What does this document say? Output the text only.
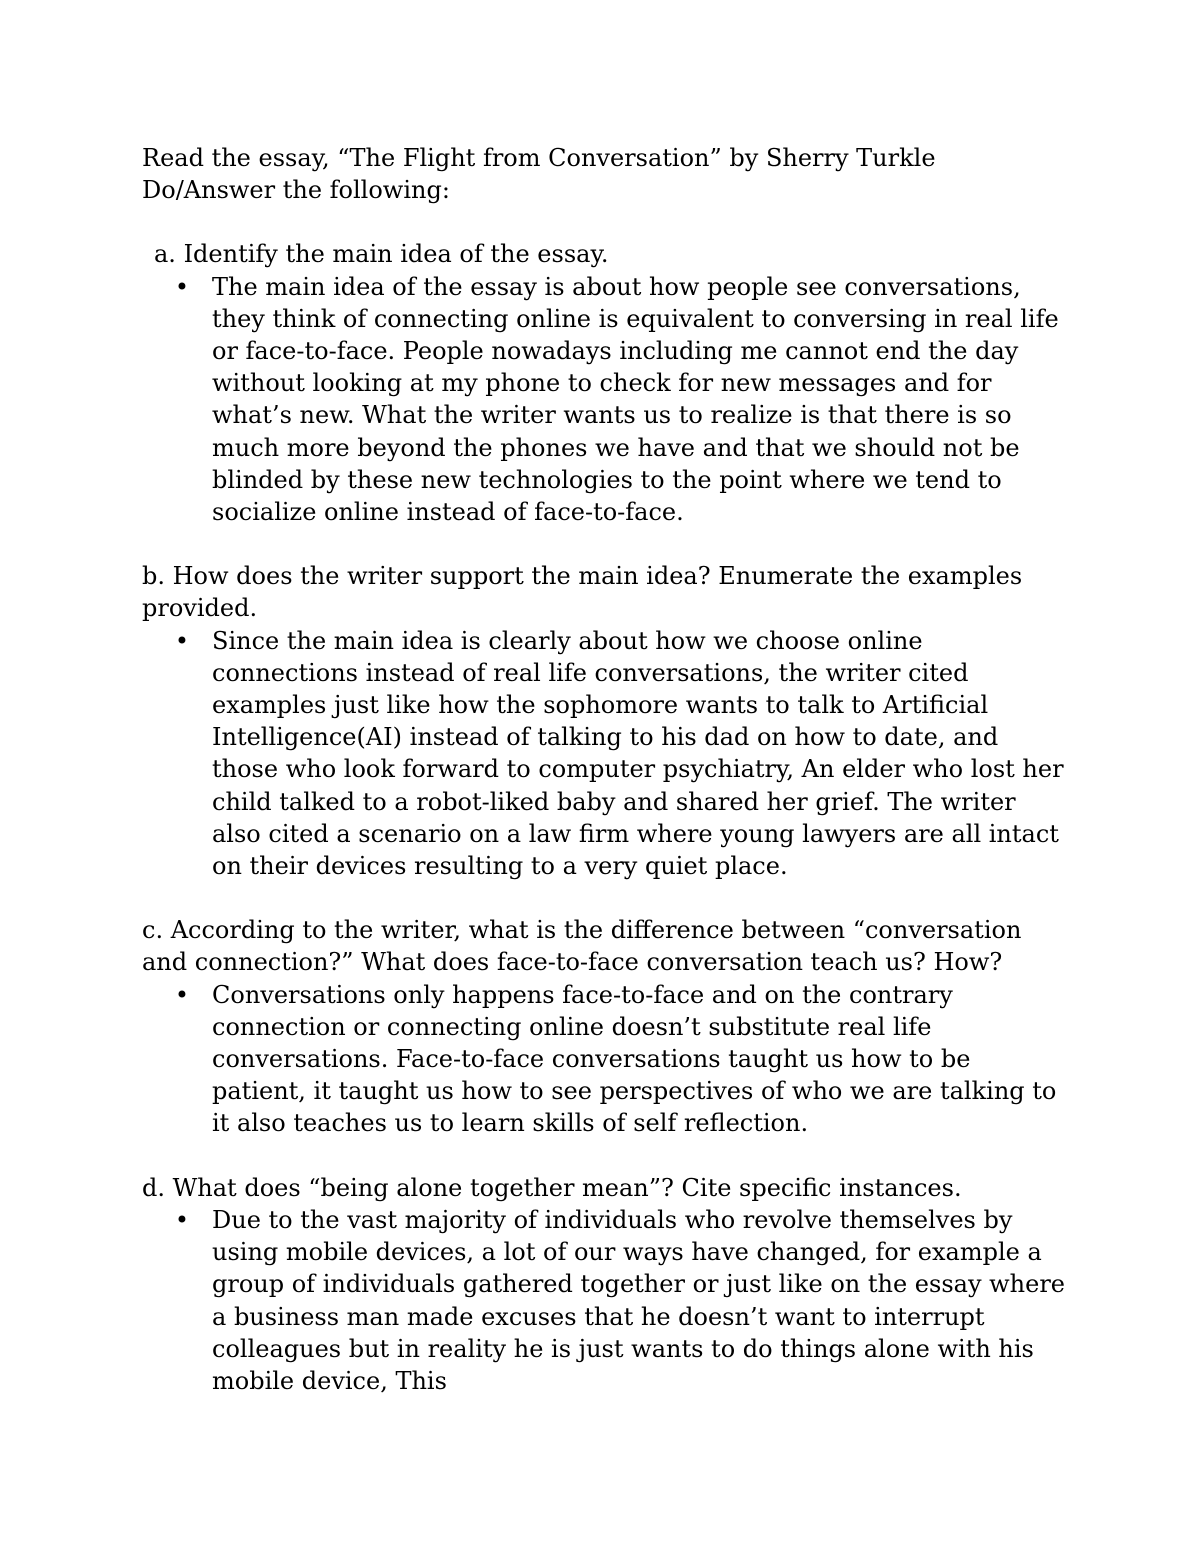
Read the essay, “The Flight from Conversation” by Sherry Turkle

Do/Answer the following:

a. Identify the main idea of the essay.

• The main idea of the essay is about how people see conversations, they think of connecting online is equivalent to conversing in real life or face-to-face. People nowadays including me cannot end the day without looking at my phone to check for new messages and for what’s new. What the writer wants us to realize is that there is so much more beyond the phones we have and that we should not be blinded by these new technologies to the point where we tend to socialize online instead of face-to-face.

b. How does the writer support the main idea? Enumerate the examples provided.

• Since the main idea is clearly about how we choose online connections instead of real life conversations, the writer cited examples just like how the sophomore wants to talk to Artificial Intelligence(AI) instead of talking to his dad on how to date, and those who look forward to computer psychiatry, An elder who lost her child talked to a robot-liked baby and shared her grief. The writer also cited a scenario on a law firm where young lawyers are all intact on their devices resulting to a very quiet place.

c. According to the writer, what is the difference between “conversation and connection?” What does face-to-face conversation teach us? How?

• Conversations only happens face-to-face and on the contrary connection or connecting online doesn’t substitute real life conversations. Face-to-face conversations taught us how to be patient, it taught us how to see perspectives of who we are talking to it also teaches us to learn skills of self reflection.

d. What does “being alone together mean”? Cite specific instances.

• Due to the vast majority of individuals who revolve themselves by using mobile devices, a lot of our ways have changed, for example a group of individuals gathered together or just like on the essay where a business man made excuses that he doesn’t want to interrupt colleagues but in reality he is just wants to do things alone with his mobile device, This
